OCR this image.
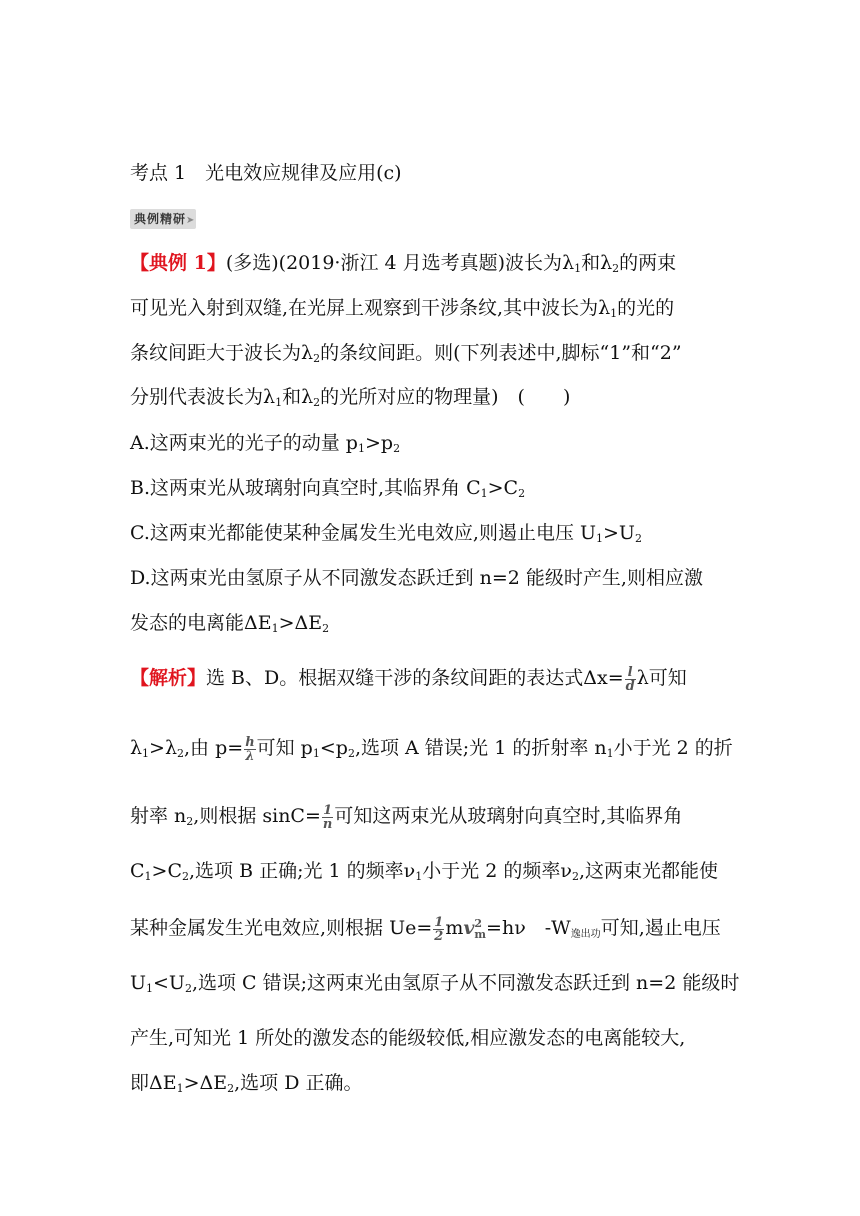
考点 1　光电效应规律及应用(c)
典例精研➤
【典例 1】(多选)(2019·浙江 4 月选考真题)波长为$\lambda_1$和$\lambda_2$的两束
可见光入射到双缝,在光屏上观察到干涉条纹,其中波长为$\lambda_1$的光的
条纹间距大于波长为$\lambda_2$的条纹间距。则(下列表述中,脚标“1”和“2”
分别代表波长为$\lambda_1$和$\lambda_2$的光所对应的物理量)　(　　)
A.这两束光的光子的动量 $p_1>p_2$
B.这两束光从玻璃射向真空时,其临界角 $C_1>C_2$
C.这两束光都能使某种金属发生光电效应,则遏止电压 $U_1>U_2$
D.这两束光由氢原子从不同激发态跃迁到 n=2 能级时产生,则相应激
发态的电离能$\Delta E_1>\Delta E_2$
【解析】选 B、D。根据双缝干涉的条纹间距的表达式$\Delta x= \frac{l}{d}$ λ可知
$\lambda_1>\lambda_2$,由 $p= \frac{h}{\lambda}$ 可知 $p_1<p_2$,选项 A 错误;光 1 的折射率 $n_1$小于光 2 的折
射率 $n_2$,则根据 $\sin C= \frac{1}{n}$ 可知这两束光从玻璃射向真空时,其临界角
$C_1>C_2$,选项 B 正确;光 1 的频率$\nu_1$小于光 2 的频率$\nu_2$,这两束光都能使
某种金属发生光电效应,则根据 $Ue= \frac{1}{2}$ mv 2
m =hν　$-W_{逸出功}$可知,遏止电压
$U_1<U_2$,选项 C 错误;这两束光由氢原子从不同激发态跃迁到 n=2 能级时
产生,可知光 1 所处的激发态的能级较低,相应激发态的电离能较大,
即$\Delta E_1>\Delta E_2$,选项 D 正确。
